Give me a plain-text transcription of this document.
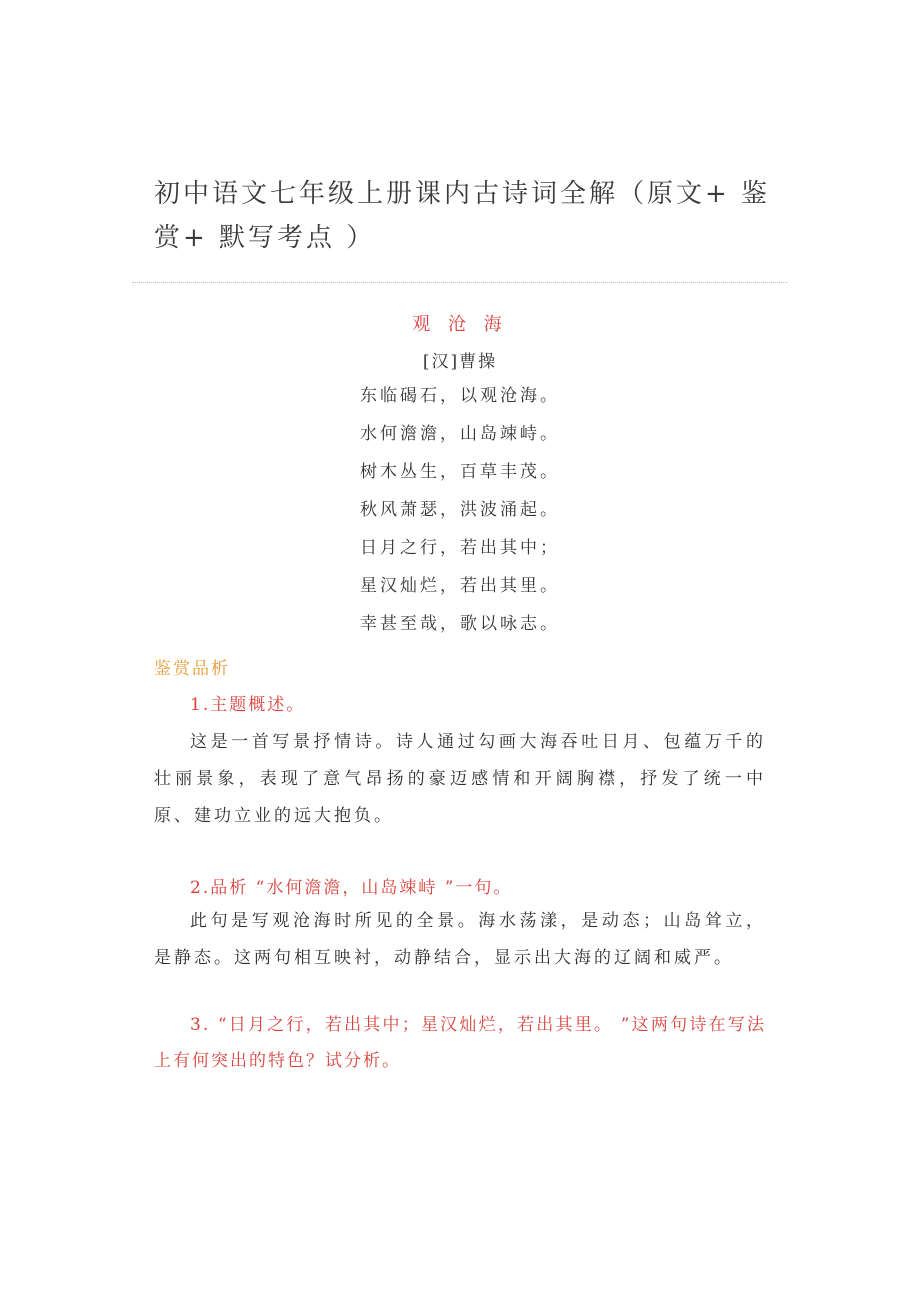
初中语文七年级上册课内古诗词全解（原文+ 鉴赏+ 默写考点 ）
观 沧 海
[汉]曹操
东临碣石，以观沧海。
水何澹澹，山岛竦峙。
树木丛生，百草丰茂。
秋风萧瑟，洪波涌起。
日月之行，若出其中；
星汉灿烂，若出其里。
幸甚至哉，歌以咏志。
鉴赏品析
1.主题概述。
这是一首写景抒情诗。诗人通过勾画大海吞吐日月、包蕴万千的壮丽景象，表现了意气昂扬的豪迈感情和开阔胸襟，抒发了统一中原、建功立业的远大抱负。
2.品析 “水何澹澹，山岛竦峙 ”一句。
此句是写观沧海时所见的全景。海水荡漾，是动态；山岛耸立，是静态。这两句相互映衬，动静结合，显示出大海的辽阔和威严。
3. “日月之行，若出其中；星汉灿烂，若出其里。 ”这两句诗在写法上有何突出的特色？试分析。
